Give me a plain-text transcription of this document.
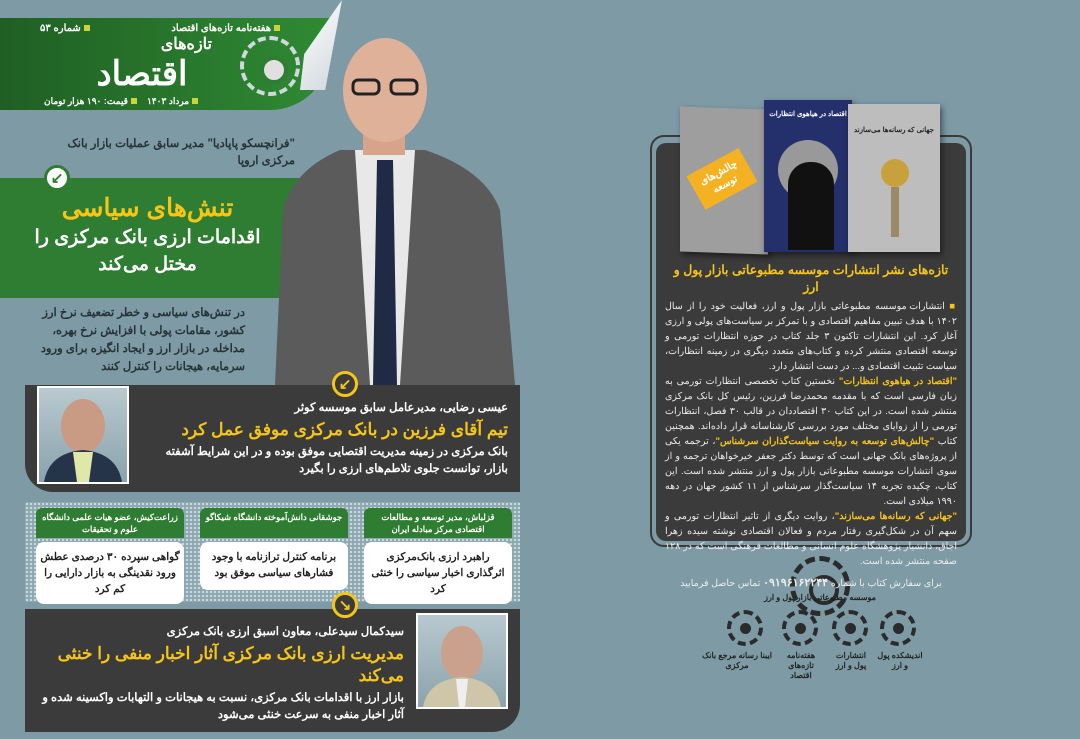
هفته‌نامه تازه‌های اقتصاد
شماره ۵۳
تازه‌های
اقتصاد
مرداد ۱۴۰۳
قیمت: ۱۹۰ هزار تومان
"فرانچسکو پاپادیا" مدیر سابق عملیات بازار بانک مرکزی اروپا
↙
تنش‌های سیاسی
اقدامات ارزی بانک مرکزی را مختل می‌کند
در تنش‌های سیاسی و خطر تضعیف نرخ ارز کشور، مقامات پولی با افزایش نرخ بهره، مداخله در بازار ارز و ایجاد انگیزه برای ورود سرمایه، هیجانات را کنترل کنند
عیسی رضایی، مدیرعامل سابق موسسه کوثر
تیم آقای فرزین در بانک مرکزی موفق عمل کرد
بانک مرکزی در زمینه مدیریت اقتصایی موفق بوده و در این شرایط آشفته بازار، توانست جلوی تلاطم‌های ارزی را بگیرد
↙
قزلباش، مدیر توسعه و مطالعات اقتصادی مرکز مبادله ایران
راهبرد ارزی بانک‌مرکزی اثرگذاری اخبار سیاسی را خنثی کرد
جوشقانی دانش‌آموخته دانشگاه شیکاگو
برنامه کنترل ترازنامه با وجود فشارهای سیاسی موفق بود
زراعت‌کیش، عضو هیات علمی دانشگاه علوم و تحقیقات
گواهی سپرده ۳۰ درصدی عطش ورود نقدینگی به بازار دارایی را کم کرد
سیدکمال سیدعلی، معاون اسبق ارزی بانک مرکزی
مدیریت ارزی بانک مرکزی آثار اخبار منفی را خنثی می‌کند
بازار ارز با اقدامات بانک مرکزی، نسبت به هیجانات و التهابات واکسینه شده و آثار اخبار منفی به سرعت خنثی می‌شود
↘
چالش‌های توسعه
اقتصاد در هیاهوی انتظارات
جهانی که رسانه‌ها می‌سازند
تازه‌های نشر انتشارات موسسه مطبوعاتی بازار پول و ارز

■ انتشارات موسسه مطبوعاتی بازار پول و ارز، فعالیت خود را از سال ۱۴۰۲ با هدف تبیین مفاهیم اقتصادی و با تمرکز بر سیاست‌های پولی و ارزی آغاز کرد. این انتشارات تاکنون ۳ جلد کتاب در حوزه انتظارات تورمی و توسعه اقتصادی منتشر کرده و کتاب‌های متعدد دیگری در زمینه انتظارات، سیاست تثبیت اقتصادی و... در دست انتشار دارد.

"اقتصاد در هیاهوی انتظارات" نخستین کتاب تخصصی انتظارات تورمی به زبان فارسی است که با مقدمه محمدرضا فرزین، رئیس کل بانک مرکزی منتشر شده است. در این کتاب ۳۰ اقتصاددان در قالب ۳۰ فصل، انتظارات تورمی را از زوایای مختلف مورد بررسی کارشناسانه قرار داده‌اند. همچنین کتاب "چالش‌های توسعه به روایت سیاست‌گذاران سرشناس"، ترجمه یکی از پروژه‌های بانک جهانی است که توسط دکتر جعفر خیرخواهان ترجمه و از سوی انتشارات موسسه مطبوعاتی بازار پول و ارز منتشر شده است. این کتاب، چکیده تجربه ۱۴ سیاست‌گذار سرشناس از ۱۱ کشور جهان در دهه ۱۹۹۰ میلادی است.

"جهانی که رسانه‌ها می‌سازند"، روایت دیگری از تاثیر انتظارات تورمی و سهم آن در شکل‌گیری رفتار مردم و فعالان اقتصادی نوشته سیده زهرا اجاق، دانشیار پژوهشگاه علوم انسانی و مطالعات فرهنگی است که در ۱۲۸ صفحه منتشر شده است.

برای سفارش کتاب با شماره ۰۹۱۹۶۱۶۲۲۴۴ تماس حاصل فرمایید
موسسه مطبوعاتی بازار پول و ارز
اندیشکده پول و ارز
انتشارات پول و ارز
هفته‌نامه تازه‌های اقتصاد
ایبنا رسانه مرجع بانک مرکزی
